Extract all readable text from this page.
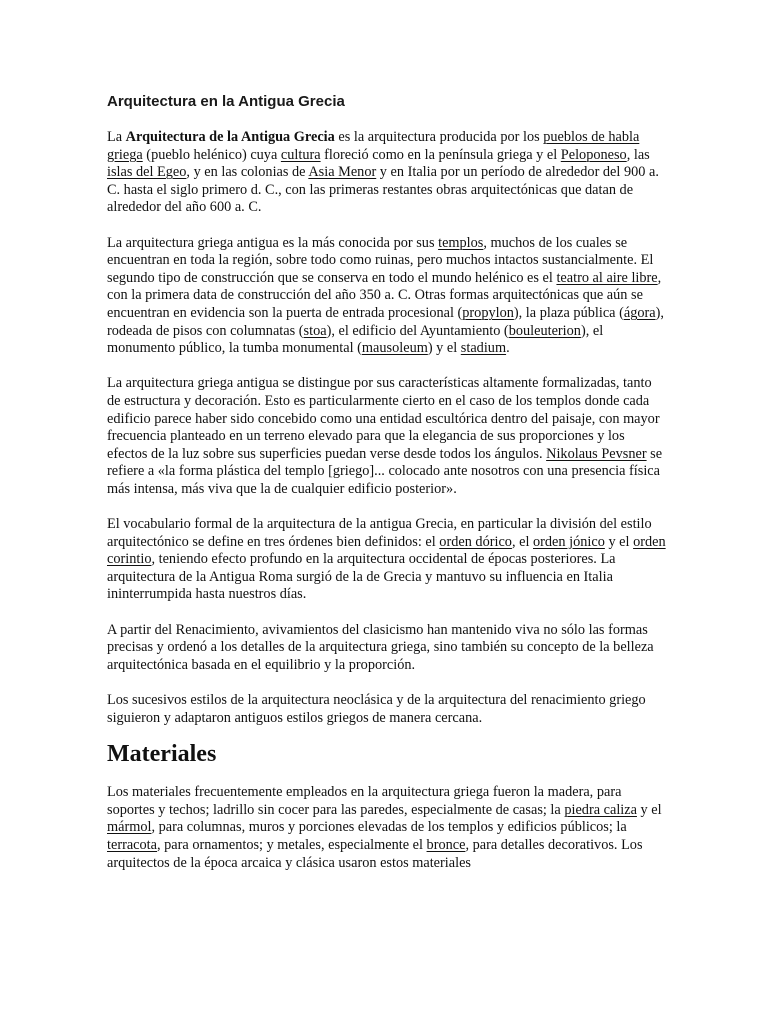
Arquitectura en la Antigua Grecia

La Arquitectura de la Antigua Grecia es la arquitectura producida por los pueblos de habla griega (pueblo helénico) cuya cultura floreció como en la península griega y el Peloponeso, las islas del Egeo, y en las colonias de Asia Menor y en Italia por un período de alrededor del 900 a. C. hasta el siglo primero d. C., con las primeras restantes obras arquitectónicas que datan de alrededor del año 600 a. C.

La arquitectura griega antigua es la más conocida por sus templos, muchos de los cuales se encuentran en toda la región, sobre todo como ruinas, pero muchos intactos sustancialmente. El segundo tipo de construcción que se conserva en todo el mundo helénico es el teatro al aire libre, con la primera data de construcción del año 350 a. C. Otras formas arquitectónicas que aún se encuentran en evidencia son la puerta de entrada procesional (propylon), la plaza pública (ágora), rodeada de pisos con columnatas (stoa), el edificio del Ayuntamiento (bouleuterion), el monumento público, la tumba monumental (mausoleum) y el stadium.

La arquitectura griega antigua se distingue por sus características altamente formalizadas, tanto de estructura y decoración. Esto es particularmente cierto en el caso de los templos donde cada edificio parece haber sido concebido como una entidad escultórica dentro del paisaje, con mayor frecuencia planteado en un terreno elevado para que la elegancia de sus proporciones y los efectos de la luz sobre sus superficies puedan verse desde todos los ángulos. Nikolaus Pevsner se refiere a «la forma plástica del templo [griego]... colocado ante nosotros con una presencia física más intensa, más viva que la de cualquier edificio posterior».

El vocabulario formal de la arquitectura de la antigua Grecia, en particular la división del estilo arquitectónico se define en tres órdenes bien definidos: el orden dórico, el orden jónico y el orden corintio, teniendo efecto profundo en la arquitectura occidental de épocas posteriores. La arquitectura de la Antigua Roma surgió de la de Grecia y mantuvo su influencia en Italia ininterrumpida hasta nuestros días.

A partir del Renacimiento, avivamientos del clasicismo han mantenido viva no sólo las formas precisas y ordenó a los detalles de la arquitectura griega, sino también su concepto de la belleza arquitectónica basada en el equilibrio y la proporción.

Los sucesivos estilos de la arquitectura neoclásica y de la arquitectura del renacimiento griego siguieron y adaptaron antiguos estilos griegos de manera cercana.

Materiales

Los materiales frecuentemente empleados en la arquitectura griega fueron la madera, para soportes y techos; ladrillo sin cocer para las paredes, especialmente de casas; la piedra caliza y el mármol, para columnas, muros y porciones elevadas de los templos y edificios públicos; la terracota, para ornamentos; y metales, especialmente el bronce, para detalles decorativos. Los arquitectos de la época arcaica y clásica usaron estos materiales
